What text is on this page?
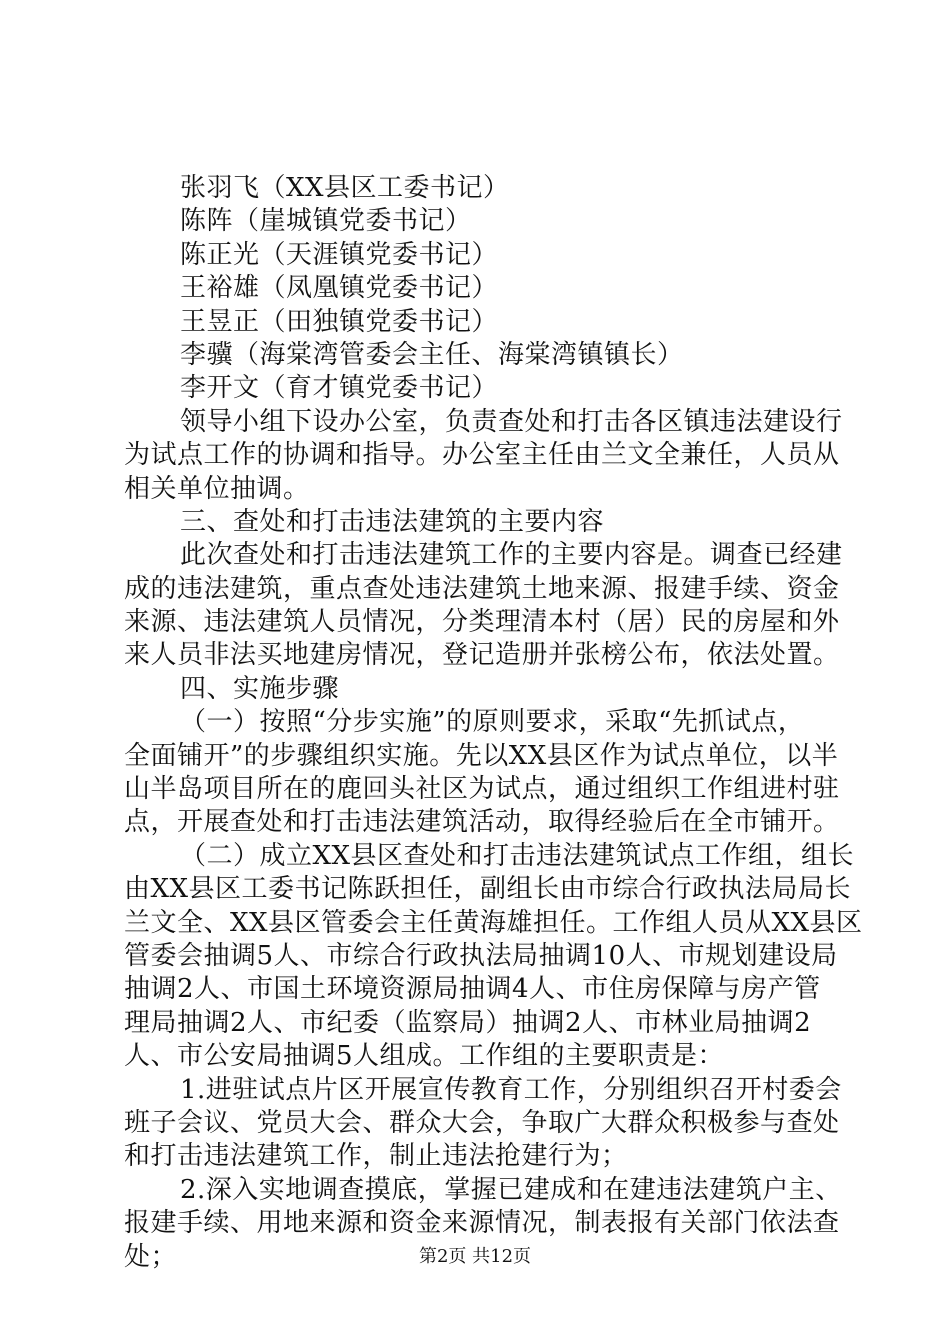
张羽飞（XX县区工委书记）
陈阵（崖城镇党委书记）
陈正光（天涯镇党委书记）
王裕雄（凤凰镇党委书记）
王昱正（田独镇党委书记）
李骥（海棠湾管委会主任、海棠湾镇镇长）
李开文（育才镇党委书记）
领导小组下设办公室，负责查处和打击各区镇违法建设行
为试点工作的协调和指导。办公室主任由兰文全兼任，人员从
相关单位抽调。
三、查处和打击违法建筑的主要内容
此次查处和打击违法建筑工作的主要内容是。调查已经建
成的违法建筑，重点查处违法建筑土地来源、报建手续、资金
来源、违法建筑人员情况，分类理清本村（居）民的房屋和外
来人员非法买地建房情况，登记造册并张榜公布，依法处置。
四、实施步骤
（一）按照“分步实施”的原则要求，采取“先抓试点，
全面铺开”的步骤组织实施。先以XX县区作为试点单位，以半
山半岛项目所在的鹿回头社区为试点，通过组织工作组进村驻
点，开展查处和打击违法建筑活动，取得经验后在全市铺开。
（二）成立XX县区查处和打击违法建筑试点工作组，组长
由XX县区工委书记陈跃担任，副组长由市综合行政执法局局长
兰文全、XX县区管委会主任黄海雄担任。工作组人员从XX县区
管委会抽调5人、市综合行政执法局抽调10人、市规划建设局
抽调2人、市国土环境资源局抽调4人、市住房保障与房产管
理局抽调2人、市纪委（监察局）抽调2人、市林业局抽调2
人、市公安局抽调5人组成。工作组的主要职责是：
1.进驻试点片区开展宣传教育工作，分别组织召开村委会
班子会议、党员大会、群众大会，争取广大群众积极参与查处
和打击违法建筑工作，制止违法抢建行为；
2.深入实地调查摸底，掌握已建成和在建违法建筑户主、
报建手续、用地来源和资金来源情况，制表报有关部门依法查
处；	第2页 共12页
